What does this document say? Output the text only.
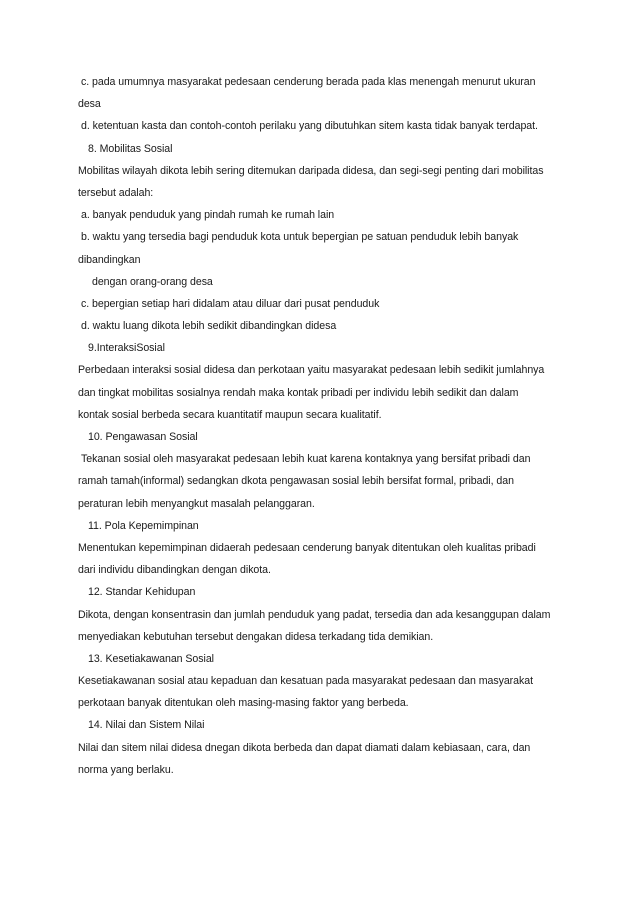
c. pada umumnya masyarakat pedesaan cenderung berada pada klas menengah menurut ukuran
desa
d. ketentuan kasta dan contoh-contoh perilaku yang dibutuhkan sitem kasta tidak banyak terdapat.
8. Mobilitas Sosial
Mobilitas wilayah dikota lebih sering ditemukan daripada didesa, dan segi-segi penting dari mobilitas
tersebut adalah:
a. banyak penduduk yang pindah rumah ke rumah lain
b. waktu yang tersedia bagi penduduk kota untuk bepergian pe satuan penduduk lebih banyak
dibandingkan
dengan orang-orang desa
c. bepergian setiap hari didalam atau diluar dari pusat penduduk
d. waktu luang dikota lebih sedikit dibandingkan didesa
9.InteraksiSosial
Perbedaan interaksi sosial didesa dan perkotaan yaitu masyarakat pedesaan lebih sedikit jumlahnya
dan tingkat mobilitas sosialnya rendah maka kontak pribadi per individu lebih sedikit dan dalam
kontak sosial berbeda secara kuantitatif maupun secara kualitatif.
10. Pengawasan Sosial
Tekanan sosial oleh masyarakat pedesaan lebih kuat karena kontaknya yang bersifat pribadi dan
ramah tamah(informal) sedangkan dkota pengawasan sosial lebih bersifat formal, pribadi, dan
peraturan lebih menyangkut masalah pelanggaran.
11. Pola Kepemimpinan
Menentukan kepemimpinan didaerah pedesaan cenderung banyak ditentukan oleh kualitas pribadi
dari individu dibandingkan dengan dikota.
12. Standar Kehidupan
Dikota, dengan konsentrasin dan jumlah penduduk yang padat, tersedia dan ada kesanggupan dalam
menyediakan kebutuhan tersebut dengakan didesa terkadang tida demikian.
13. Kesetiakawanan Sosial
Kesetiakawanan sosial atau kepaduan dan kesatuan pada masyarakat pedesaan dan masyarakat
perkotaan banyak ditentukan oleh masing-masing faktor yang berbeda.
14. Nilai dan Sistem Nilai
Nilai dan sitem nilai didesa dnegan dikota berbeda dan dapat diamati dalam kebiasaan, cara, dan
norma yang berlaku.
